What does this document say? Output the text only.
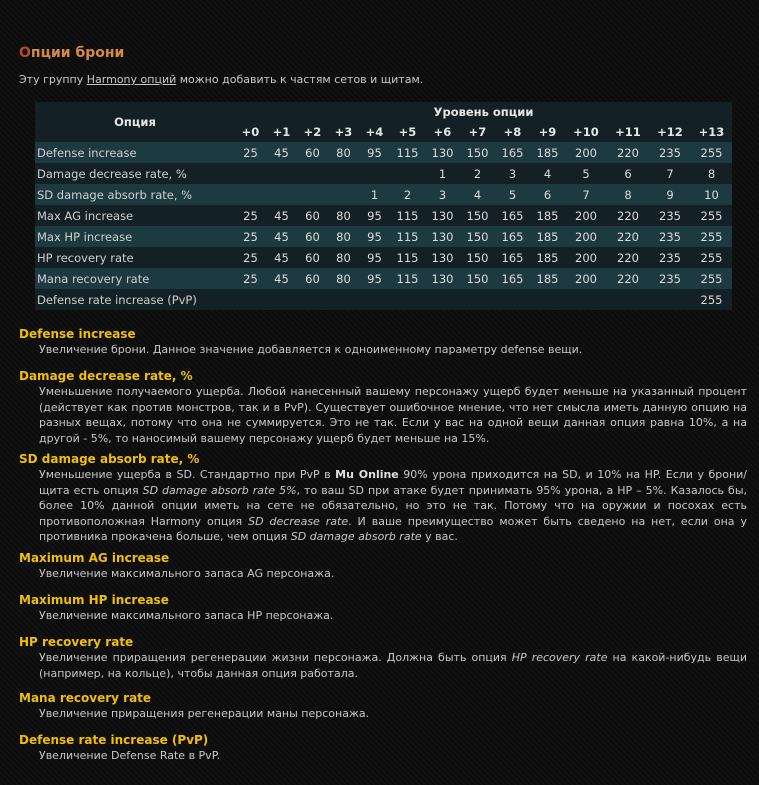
Опции брони
Эту группу Harmony опций можно добавить к частям сетов и щитам.
Опция	Уровень опции													
	+0	+1	+2	+3	+4	+5	+6	+7	+8	+9	+10	+11	+12	+13
Defense increase	25	45	60	80	95	115	130	150	165	185	200	220	235	255
Damage decrease rate, %							1	2	3	4	5	6	7	8
SD damage absorb rate, %					1	2	3	4	5	6	7	8	9	10
Max AG increase	25	45	60	80	95	115	130	150	165	185	200	220	235	255
Max HP increase	25	45	60	80	95	115	130	150	165	185	200	220	235	255
HP recovery rate	25	45	60	80	95	115	130	150	165	185	200	220	235	255
Mana recovery rate	25	45	60	80	95	115	130	150	165	185	200	220	235	255
Defense rate increase (PvP)														255
Defense increase

Увеличение брони. Данное значение добавляется к одноименному параметру defense вещи.

Damage decrease rate, %

Уменьшение получаемого ущерба. Любой нанесенный вашему персонажу ущерб будет меньше на указанный процент (действует как против монстров, так и в PvP). Существует ошибочное мнение, что нет смысла иметь данную опцию на разных вещах, потому что она не суммируется. Это не так. Если у вас на одной вещи данная опция равна 10%, а на другой - 5%, то наносимый вашему персонажу ущерб будет меньше на 15%.

SD damage absorb rate, %

Уменьшение ущерба в SD. Стандартно при PvP в Mu Online 90% урона приходится на SD, и 10% на HP. Если у брони/щита есть опция SD damage absorb rate 5%, то ваш SD при атаке будет принимать 95% урона, а HP – 5%. Казалось бы, более 10% данной опции иметь на сете не обязательно, но это не так. Потому что на оружии и посохах есть противоположная Harmony опция SD decrease rate. И ваше преимущество может быть сведено на нет, если она у противника прокачена больше, чем опция SD damage absorb rate у вас.

Maximum AG increase

Увеличение максимального запаса AG персонажа.

Maximum HP increase

Увеличение максимального запаса HP персонажа.

HP recovery rate

Увеличение приращения регенерации жизни персонажа. Должна быть опция HP recovery rate на какой-нибудь вещи (например, на кольце), чтобы данная опция работала.

Mana recovery rate

Увеличение приращения регенерации маны персонажа.

Defense rate increase (PvP)

Увеличение Defense Rate в PvP.
